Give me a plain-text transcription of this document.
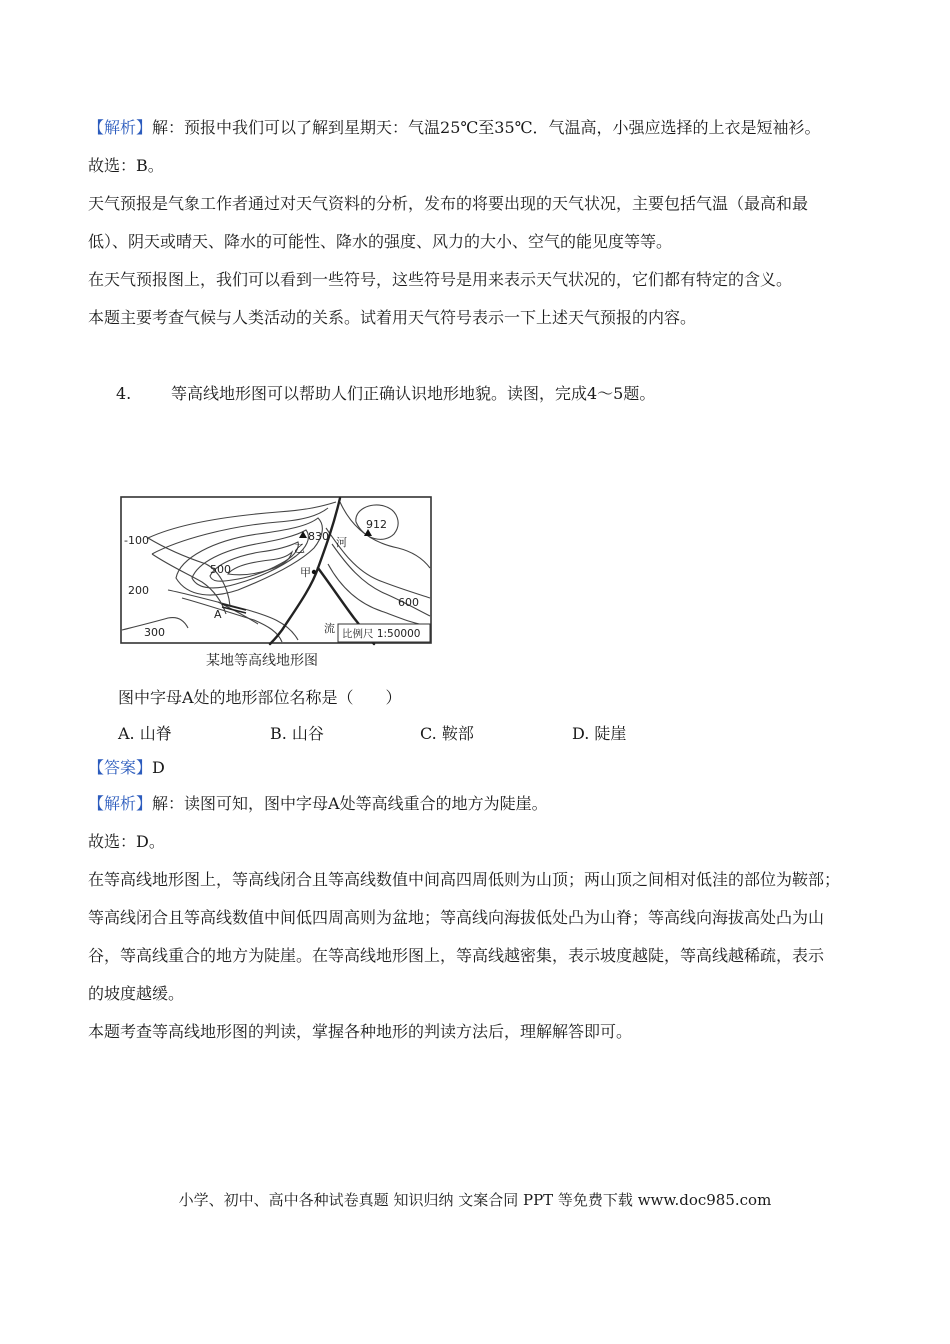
【解析】解：预报中我们可以了解到星期天：气温25℃至35℃．气温高，小强应选择的上衣是短袖衫。
故选：B。
天气预报是气象工作者通过对天气资料的分析，发布的将要出现的天气状况，主要包括气温（最高和最
低）、阴天或晴天、降水的可能性、降水的强度、风力的大小、空气的能见度等等。
在天气预报图上，我们可以看到一些符号，这些符号是用来表示天气状况的，它们都有特定的含义。
本题主要考查气候与人类活动的关系。试着用天气符号表示一下上述天气预报的内容。
4. 等高线地形图可以帮助人们正确认识地形地貌。读图，完成4～5题。
-100
200
300
500
600
830
912
乙
甲
河
流
A
比例尺 1:50000
某地等高线地形图
图中字母A处的地形部位名称是（　　）
A. 山脊	B. 山谷	C. 鞍部	D. 陡崖
【答案】D
【解析】解：读图可知，图中字母A处等高线重合的地方为陡崖。
故选：D。
在等高线地形图上，等高线闭合且等高线数值中间高四周低则为山顶；两山顶之间相对低洼的部位为鞍部；
等高线闭合且等高线数值中间低四周高则为盆地；等高线向海拔低处凸为山脊；等高线向海拔高处凸为山
谷，等高线重合的地方为陡崖。在等高线地形图上，等高线越密集，表示坡度越陡，等高线越稀疏，表示
的坡度越缓。
本题考查等高线地形图的判读，掌握各种地形的判读方法后，理解解答即可。
小学、初中、高中各种试卷真题 知识归纳 文案合同 PPT 等免费下载 www.doc985.com
